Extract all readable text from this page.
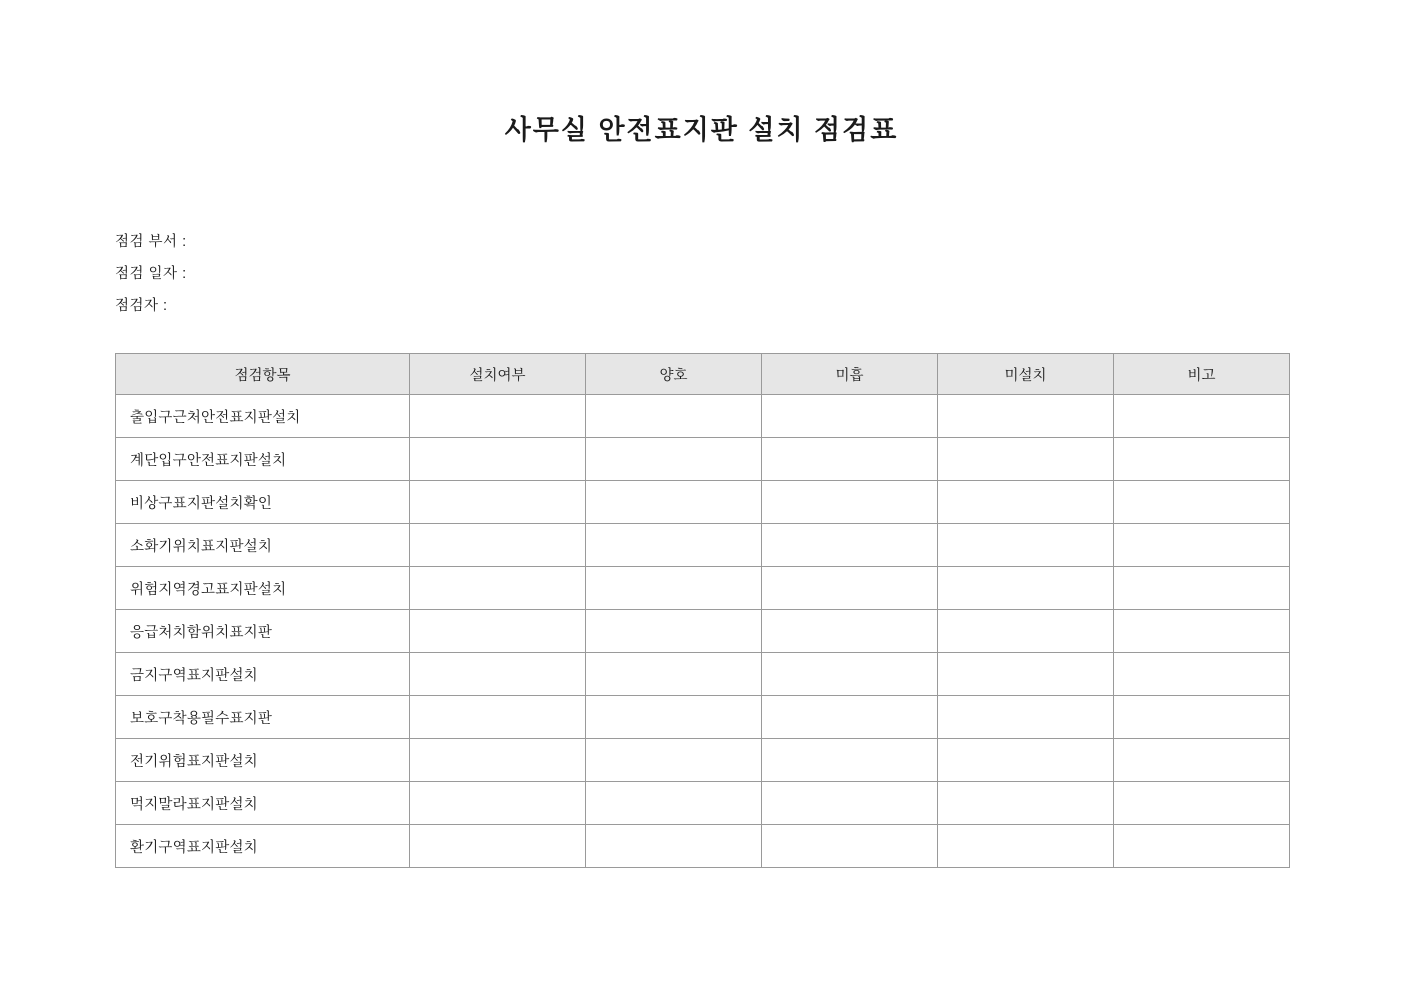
사무실 안전표지판 설치 점검표
점검 부서 :
점검 일자 :
점검자 :
점검항목	설치여부	양호	미흡	미설치	비고
출입구근처안전표지판설치					
계단입구안전표지판설치					
비상구표지판설치확인					
소화기위치표지판설치					
위험지역경고표지판설치					
응급처치함위치표지판					
금지구역표지판설치					
보호구착용필수표지판					
전기위험표지판설치					
먹지말라표지판설치					
환기구역표지판설치					
